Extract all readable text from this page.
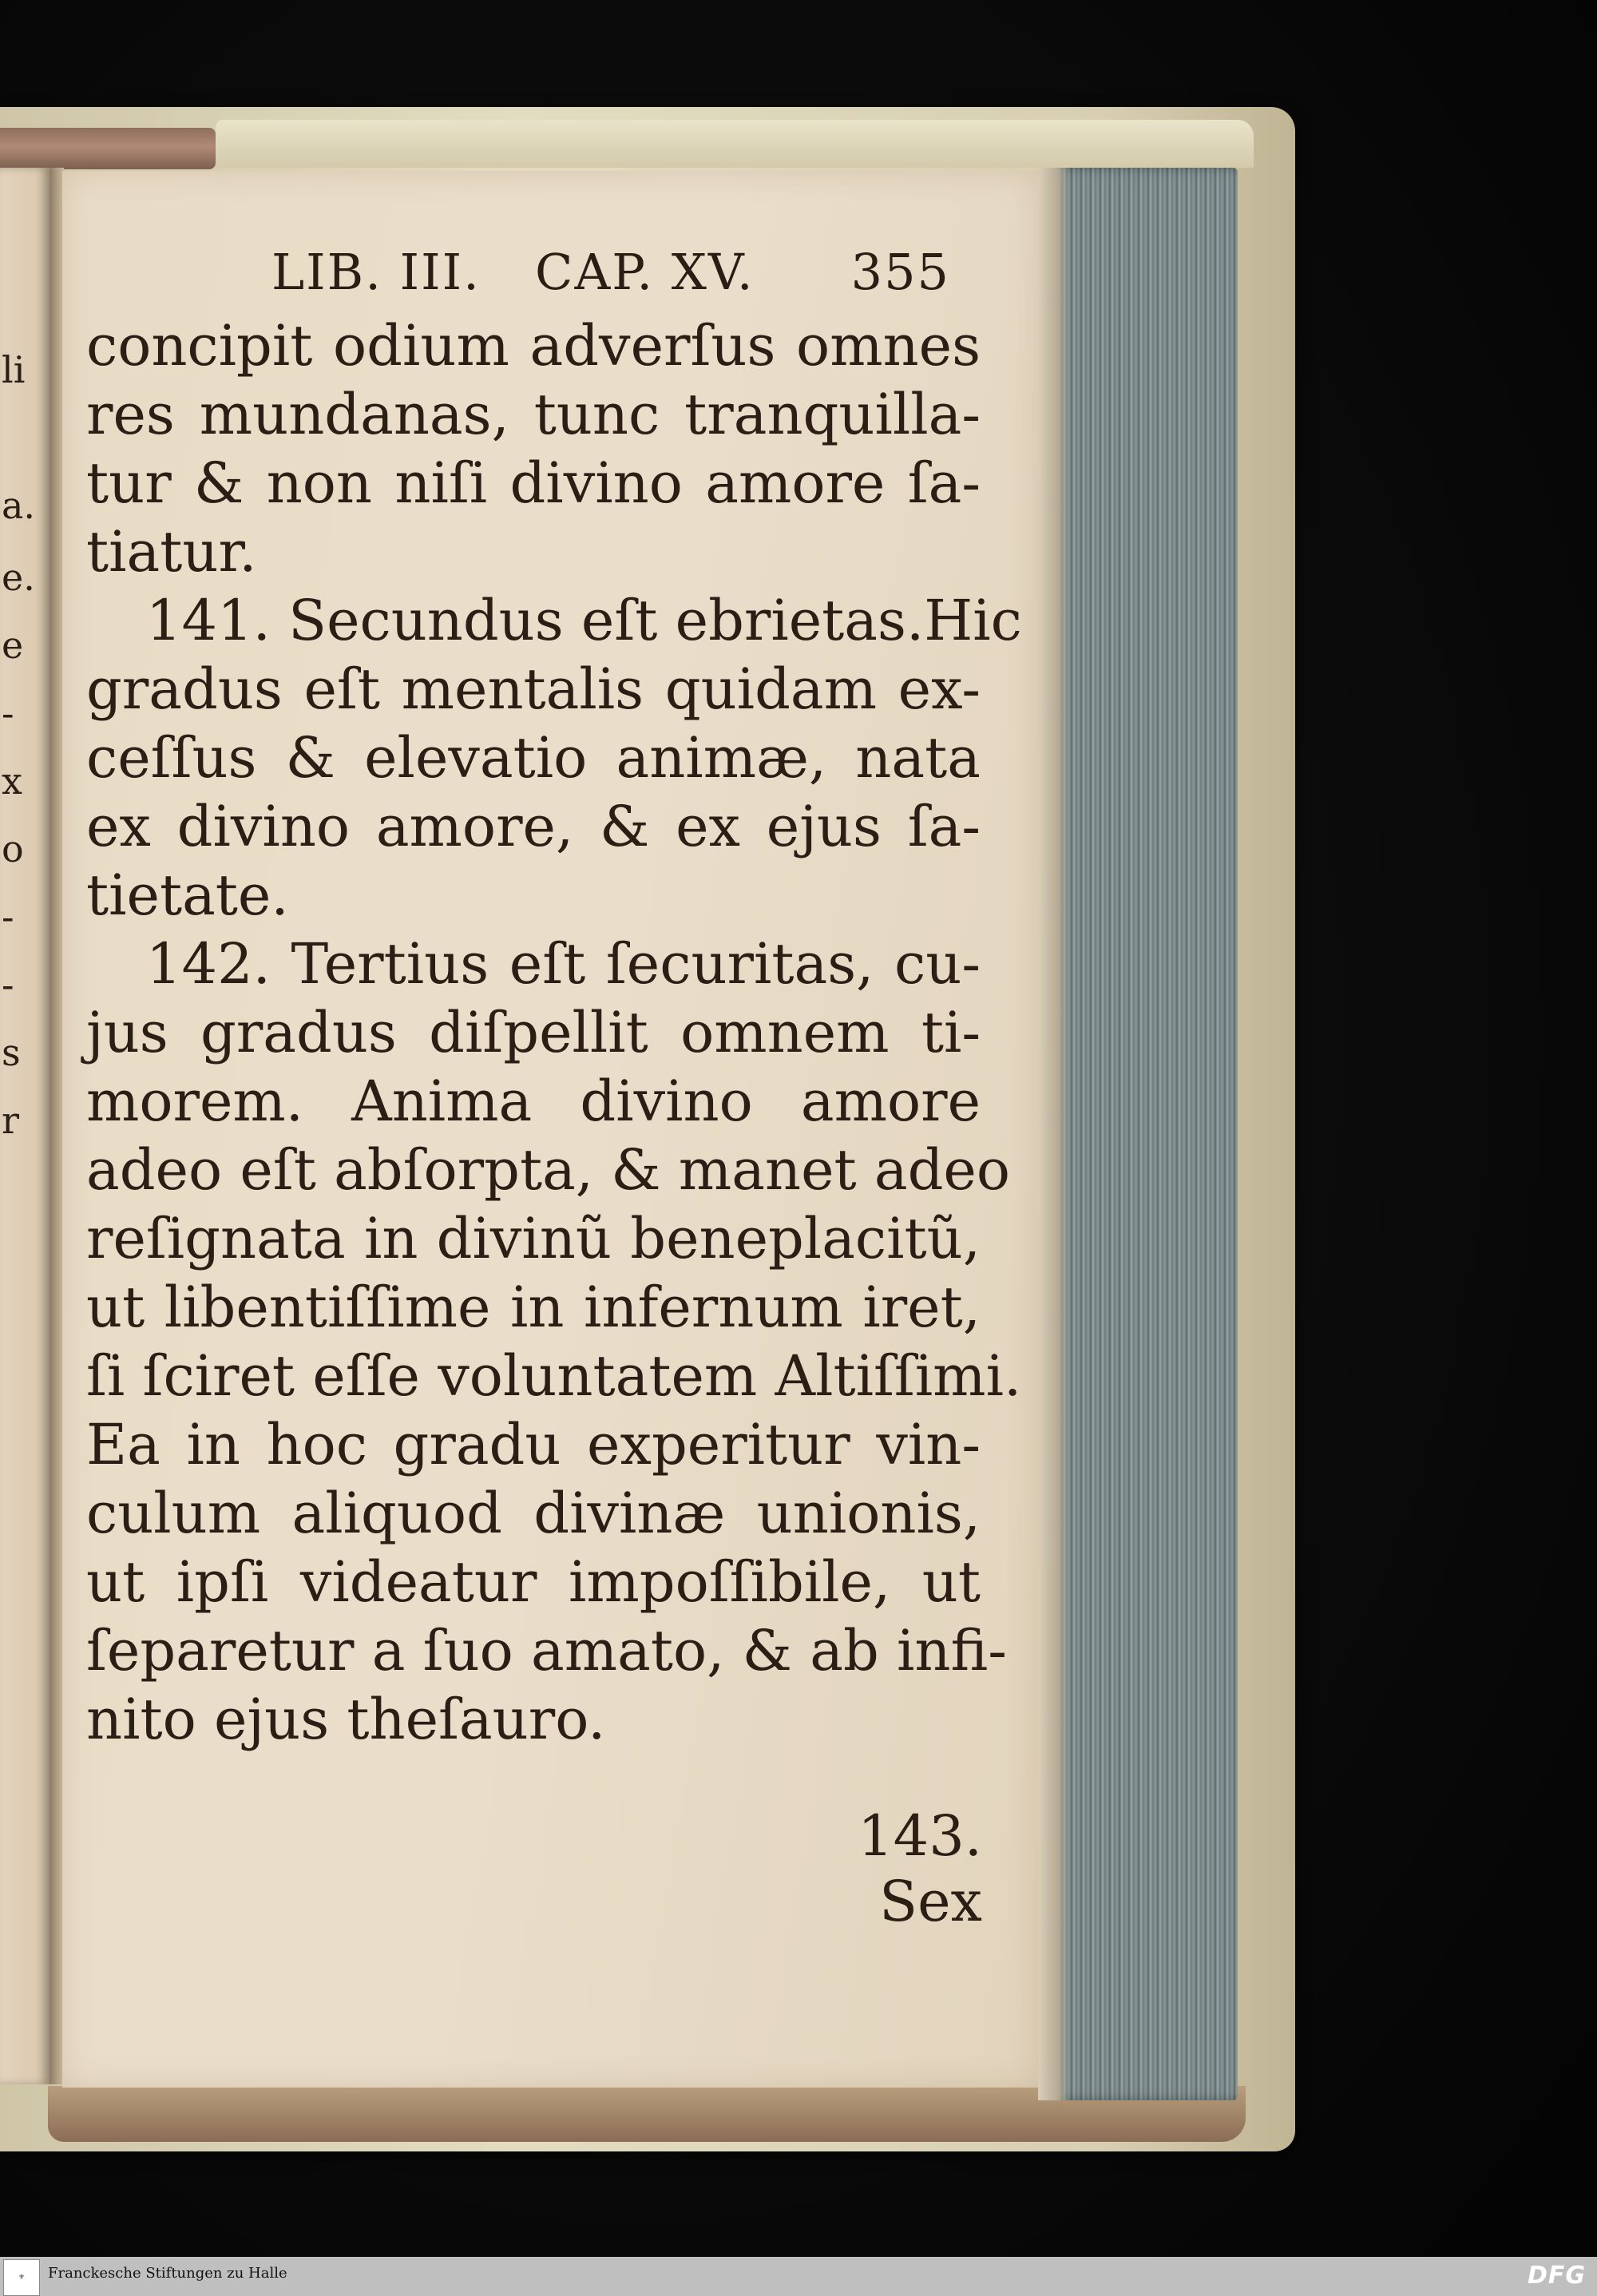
li
a.
e.
e
-
x
o
-
-
s
r
LIB. III. CAP. XV. 355
concipit odium adverſus omnes
res mundanas, tunc tranquilla-
tur & non niſi divino amore ſa-
tiatur.
141. Secundus eſt ebrietas.Hic
gradus eſt mentalis quidam ex-
ceſſus & elevatio animæ, nata
ex divino amore, & ex ejus ſa-
tietate.
142. Tertius eſt ſecuritas, cu-
jus gradus diſpellit omnem ti-
morem. Anima divino amore
adeo eſt abſorpta, & manet adeo
reſignata in divinũ beneplacitũ,
ut libentiſſime in infernum iret,
ſi ſciret eſſe voluntatem Altiſſimi.
Ea in hoc gradu experitur vin-
culum aliquod divinæ unionis,
ut ipſi videatur impoſſibile, ut
ſeparetur a ſuo amato, & ab infi-
nito ejus theſauro.
143. Sex
⚜	Franckesche Stiftungen zu Halle	DFG
